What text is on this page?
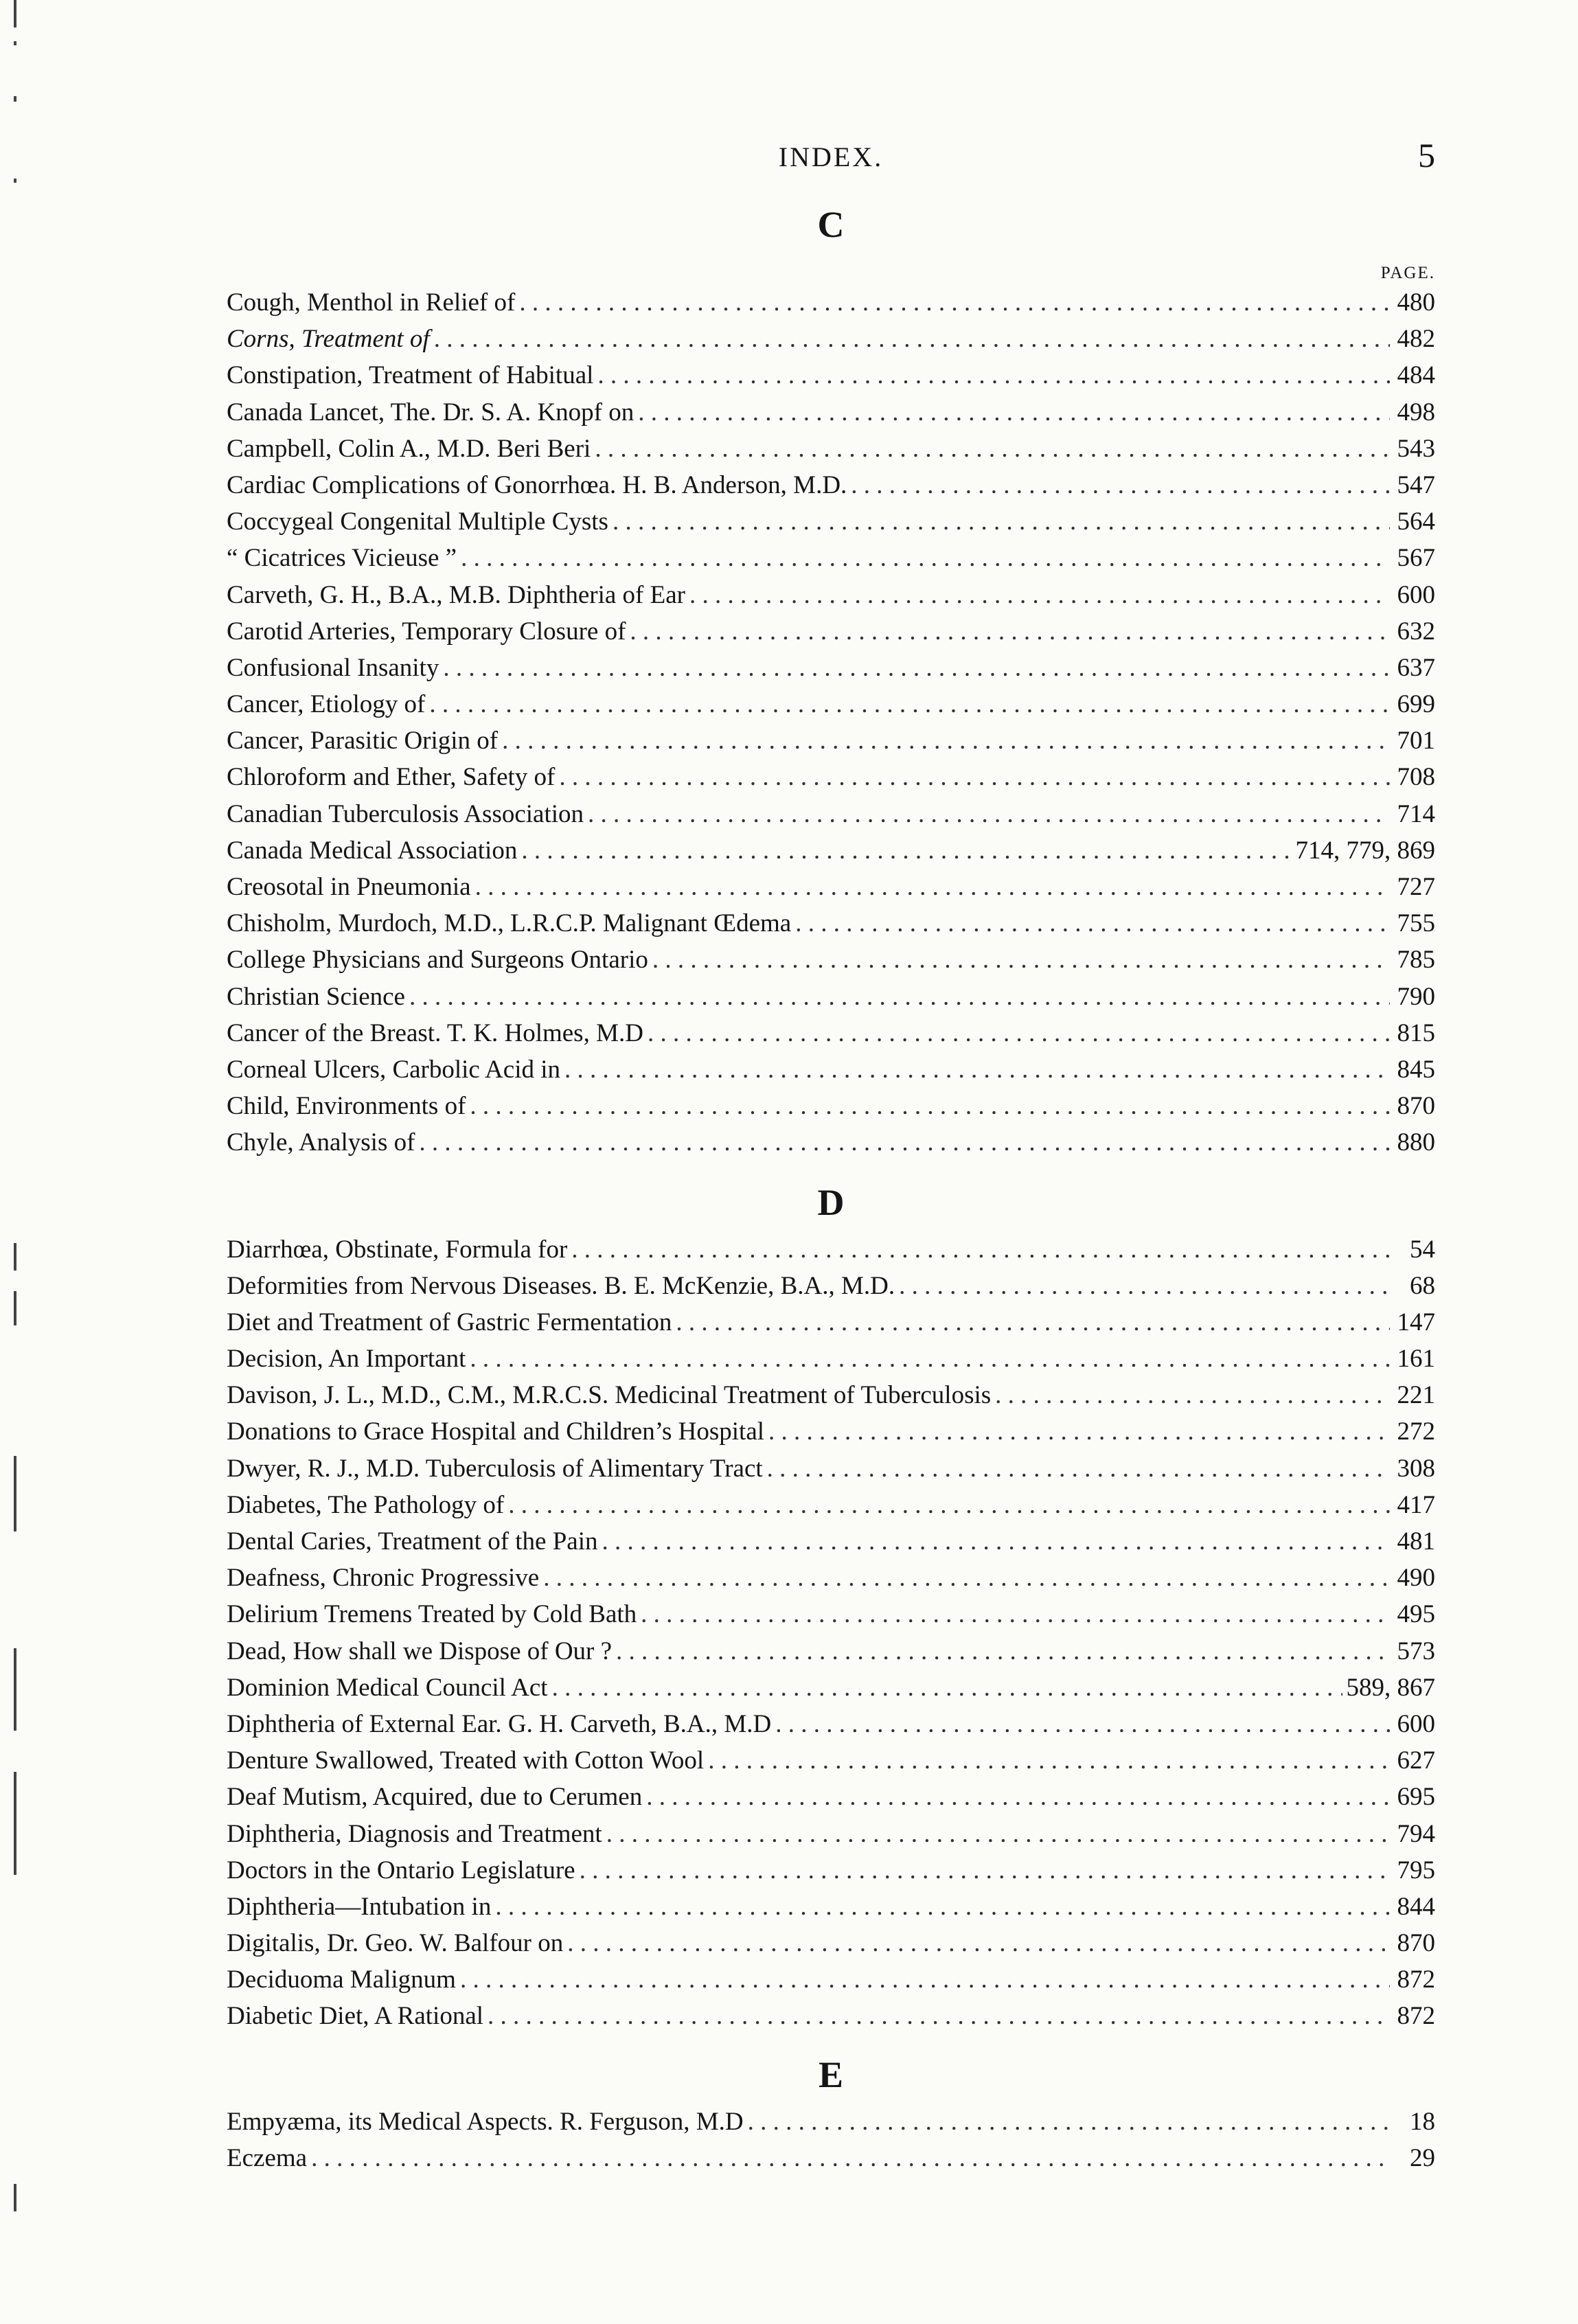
INDEX.	5
C
PAGE.
Cough, Menthol in Relief of . . .	480
Corns, Treatment of . . .	482
Constipation, Treatment of Habitual . . .	484
Canada Lancet, The. Dr. S. A. Knopf on . . .	498
Campbell, Colin A., M.D. Beri Beri . . .	543
Cardiac Complications of Gonorrhœa. H. B. Anderson, M.D. . . .	547
Coccygeal Congenital Multiple Cysts . . .	564
“ Cicatrices Vicieuse ” . . .	567
Carveth, G. H., B.A., M.B. Diphtheria of Ear . . .	600
Carotid Arteries, Temporary Closure of . . .	632
Confusional Insanity . . .	637
Cancer, Etiology of . . .	699
Cancer, Parasitic Origin of . . .	701
Chloroform and Ether, Safety of . . .	708
Canadian Tuberculosis Association . . .	714
Canada Medical Association . . .	714, 779, 869
Creosotal in Pneumonia . . .	727
Chisholm, Murdoch, M.D., L.R.C.P. Malignant Œdema . . .	755
College Physicians and Surgeons Ontario . . .	785
Christian Science . . .	790
Cancer of the Breast. T. K. Holmes, M.D . . .	815
Corneal Ulcers, Carbolic Acid in . . .	845
Child, Environments of . . .	870
Chyle, Analysis of . . .	880
D
Diarrhœa, Obstinate, Formula for . . .	54
Deformities from Nervous Diseases. B. E. McKenzie, B.A., M.D. . . .	68
Diet and Treatment of Gastric Fermentation . . .	147
Decision, An Important . . .	161
Davison, J. L., M.D., C.M., M.R.C.S. Medicinal Treatment of Tuberculosis . . .	221
Donations to Grace Hospital and Children’s Hospital . . .	272
Dwyer, R. J., M.D. Tuberculosis of Alimentary Tract . . .	308
Diabetes, The Pathology of . . .	417
Dental Caries, Treatment of the Pain . . .	481
Deafness, Chronic Progressive . . .	490
Delirium Tremens Treated by Cold Bath . . .	495
Dead, How shall we Dispose of Our ? . . .	573
Dominion Medical Council Act . . .	589, 867
Diphtheria of External Ear. G. H. Carveth, B.A., M.D . . .	600
Denture Swallowed, Treated with Cotton Wool . . .	627
Deaf Mutism, Acquired, due to Cerumen . . .	695
Diphtheria, Diagnosis and Treatment . . .	794
Doctors in the Ontario Legislature . . .	795
Diphtheria—Intubation in . . .	844
Digitalis, Dr. Geo. W. Balfour on . . .	870
Deciduoma Malignum . . .	872
Diabetic Diet, A Rational . . .	872
E
Empyæma, its Medical Aspects. R. Ferguson, M.D . . .	18
Eczema . . .	29
